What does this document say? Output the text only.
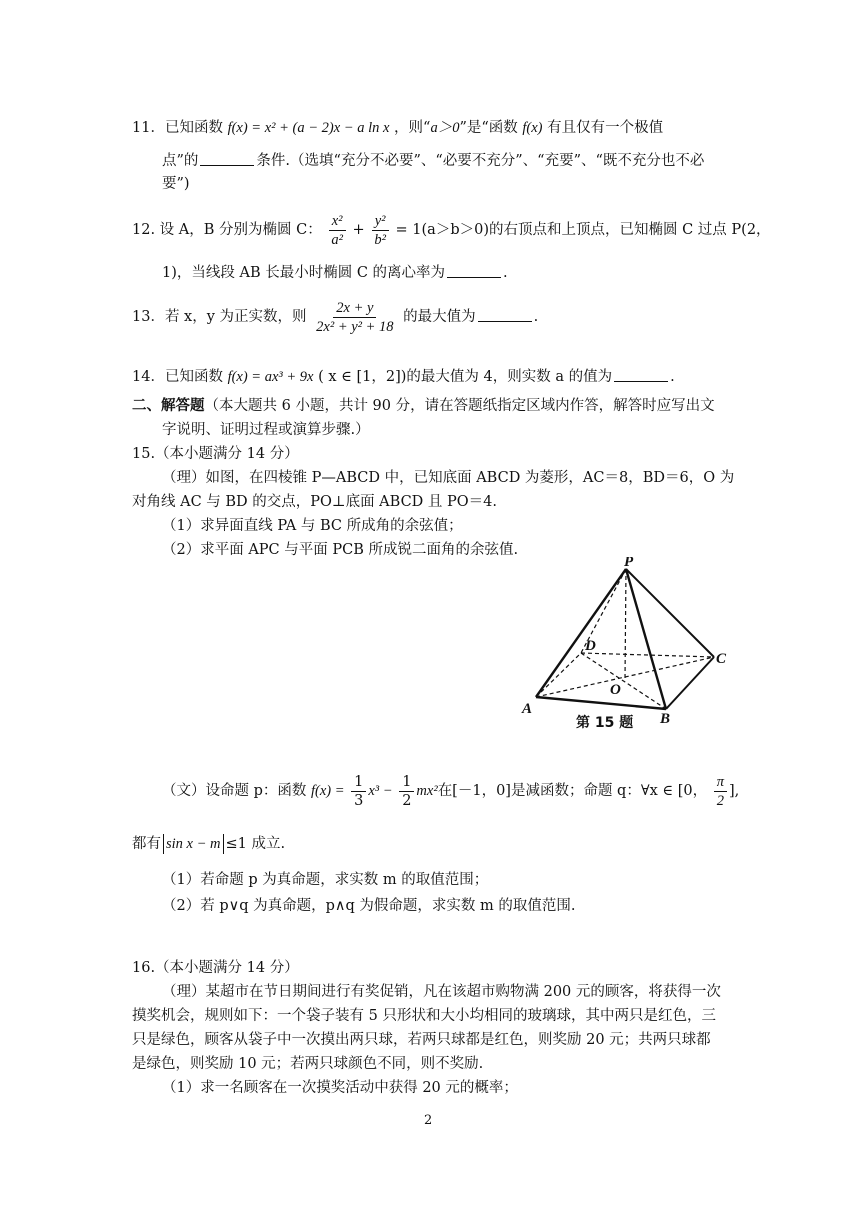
11．已知函数 f(x) = x² + (a − 2)x − a ln x ，则“a＞0”是“函数 f(x) 有且仅有一个极值
点”的	条件.（选填“充分不必要”、“必要不充分”、“充要”、“既不充分也不必
要”)
12. 设 A，B 分别为椭圆 C： $\frac{\text{x²}}{\text{a²}} + \frac{\text{y²}}{\text{b²}} = 1(a>b>0)$的右顶点和上顶点，已知椭圆 C 过点 P(2，
1)，当线段 AB 长最小时椭圆 C 的离心率为	.
13．若 x，y 为正实数，则 $\frac{2x + y}{\text{2x² + y² + 18}}$ 的最大值为	.
14．已知函数 f(x) = ax³ + 9x ( x ∈ [1，2])的最大值为 4，则实数 a 的值为	.
二、解答题（本大题共 6 小题，共计 90 分，请在答题纸指定区域内作答，解答时应写出文
字说明、证明过程或演算步骤.）
15.（本小题满分 14 分）
（理）如图，在四棱锥 P—ABCD 中，已知底面 ABCD 为菱形，AC＝8，BD＝6，O 为
对角线 AC 与 BD 的交点，PO⊥底面 ABCD 且 PO＝4.
（1）求异面直线 PA 与 BC 所成角的余弦值；
（2）求平面 APC 与平面 PCB 所成锐二面角的余弦值.
P
D
C
O
A
B
第 15 题
（文）设命题 p：函数 $f(x) = \frac{1}{3} x^3 - \frac{1}{2} mx^2$在[－1，0]是减函数；命题 q：∀x ∈ [0， $\frac{\pi}{2}$ ],
都有 sin x − m ≤1 成立.
（1）若命题 p 为真命题，求实数 m 的取值范围；
（2）若 p∨q 为真命题，p∧q 为假命题，求实数 m 的取值范围.
16.（本小题满分 14 分）
（理）某超市在节日期间进行有奖促销，凡在该超市购物满 200 元的顾客，将获得一次
摸奖机会，规则如下：一个袋子装有 5 只形状和大小均相同的玻璃球，其中两只是红色，三
只是绿色，顾客从袋子中一次摸出两只球，若两只球都是红色，则奖励 20 元；共两只球都
是绿色，则奖励 10 元；若两只球颜色不同，则不奖励.
（1）求一名顾客在一次摸奖活动中获得 20 元的概率；
2
